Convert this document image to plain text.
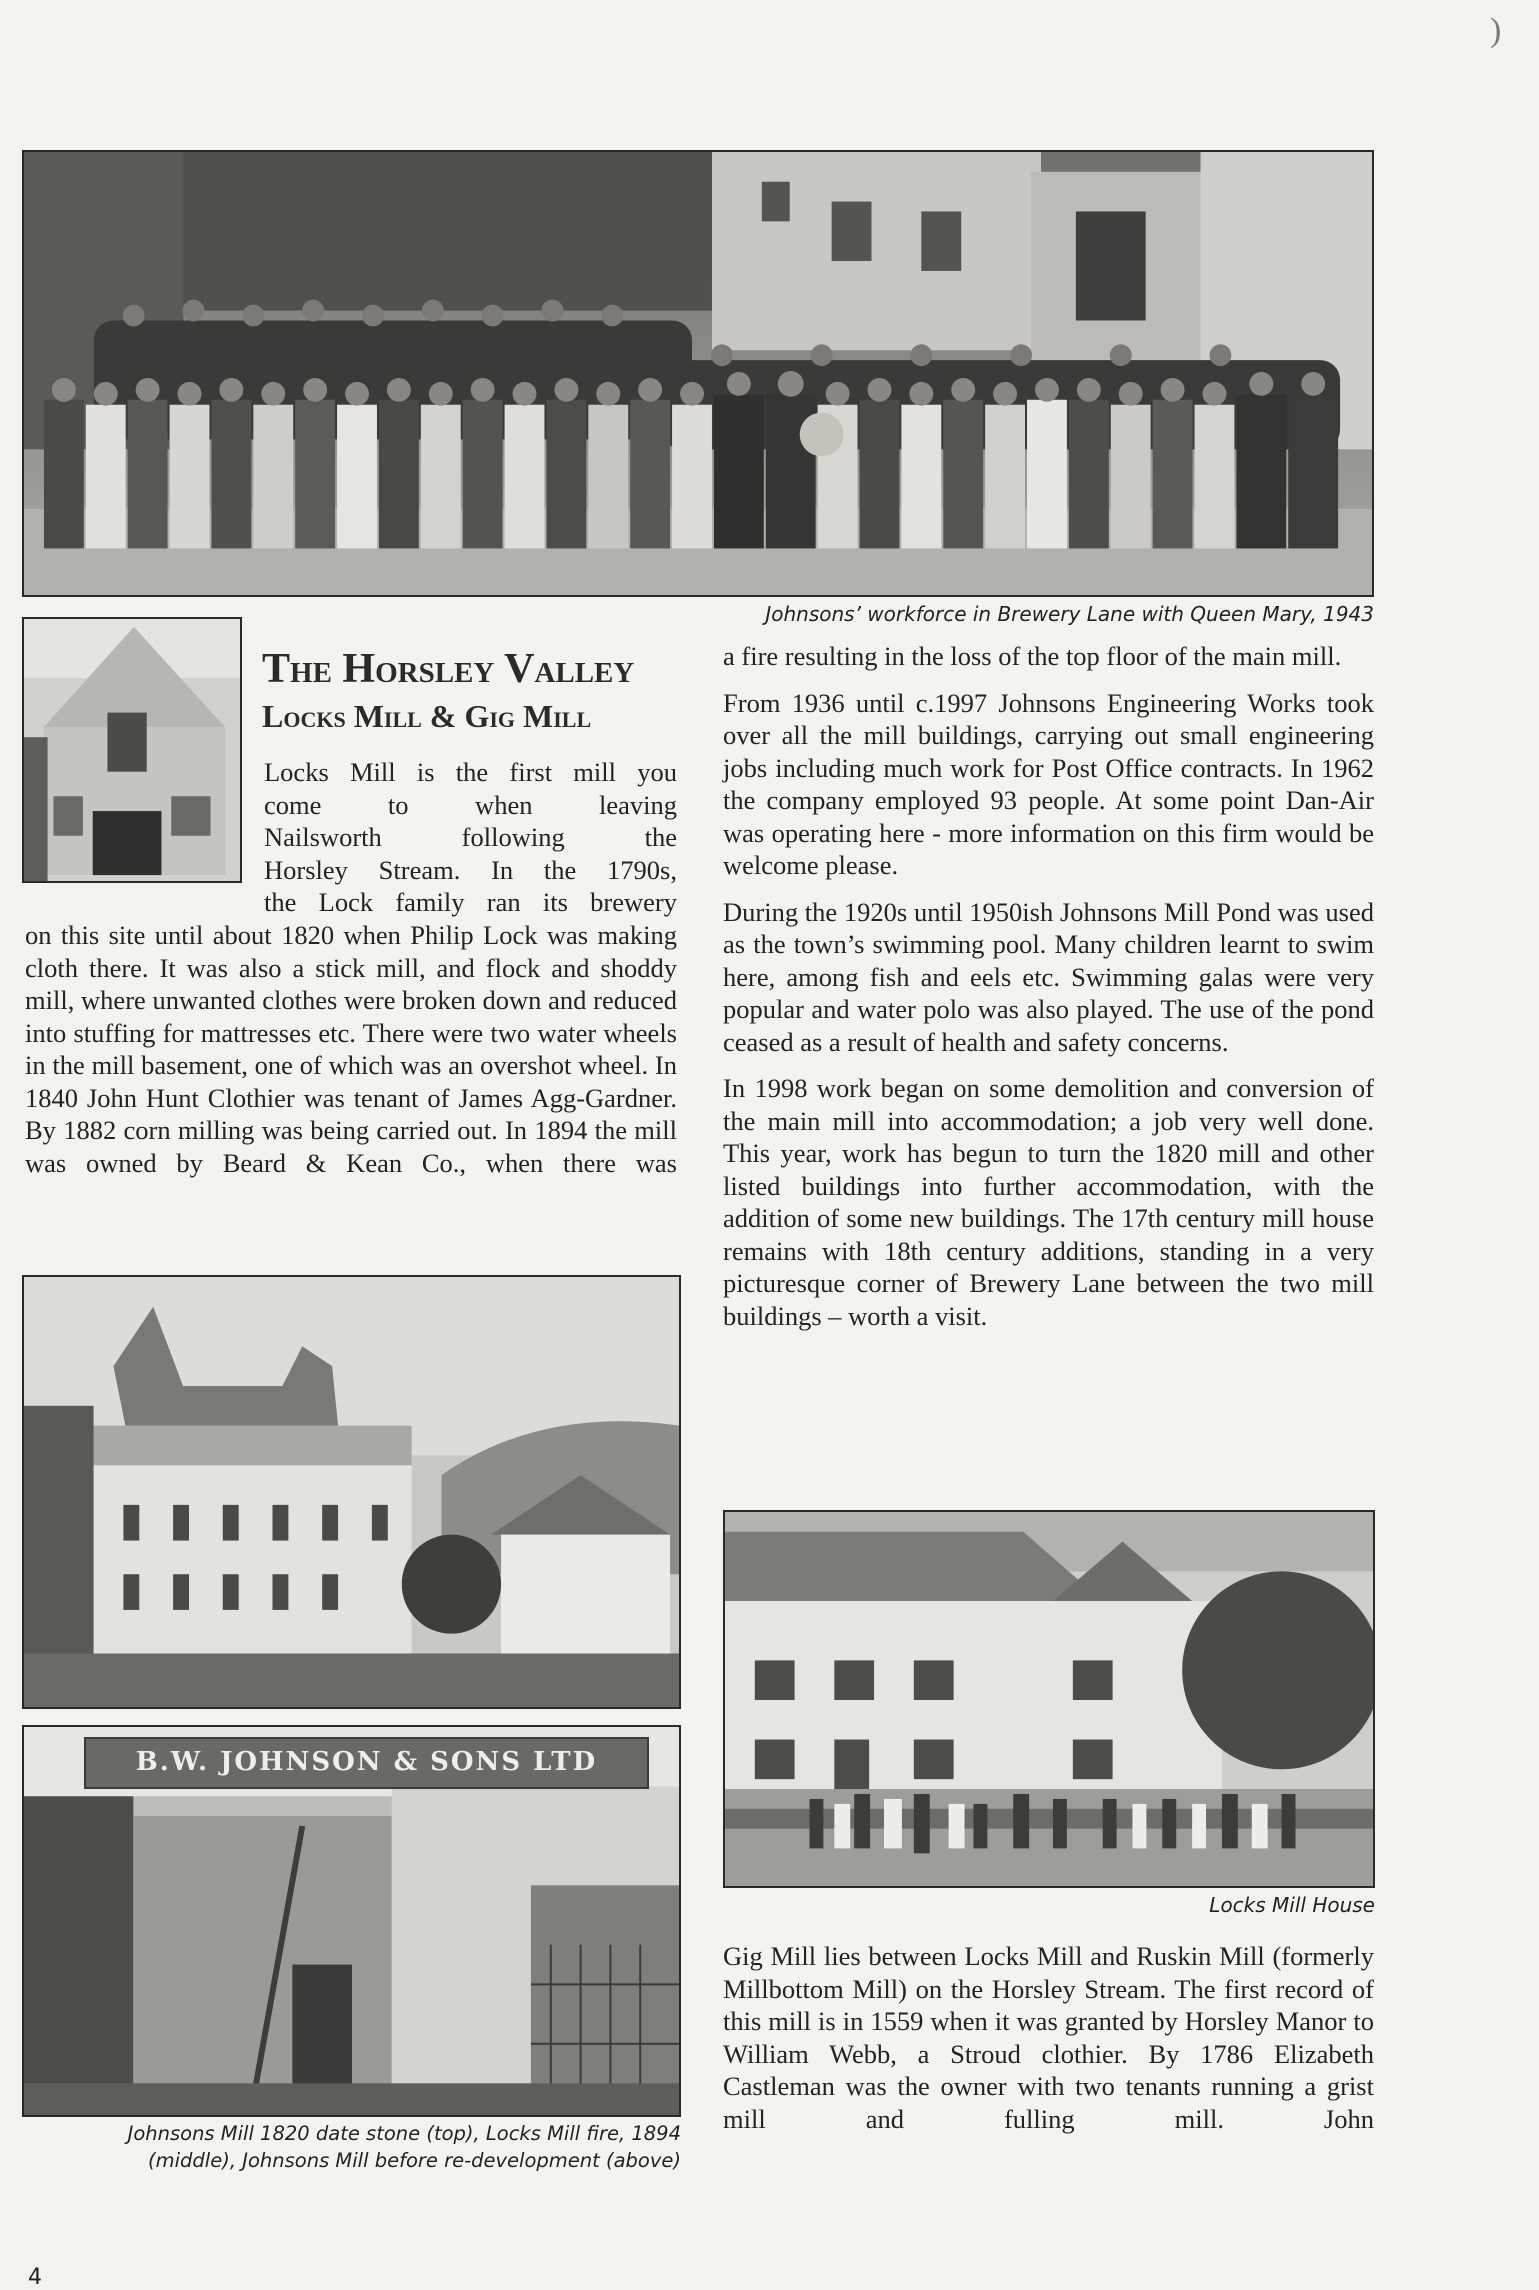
)
Johnsons’ workforce in Brewery Lane with Queen Mary, 1943
The Horsley Valley
Locks Mill & Gig Mill
Locks Mill is the first mill you
come to when leaving
Nailsworth following the
Horsley Stream. In the 1790s,
the Lock family ran its brewery
on this site until about 1820 when Philip Lock was making cloth there. It was also a stick mill, and flock and shoddy mill, where unwanted clothes were broken down and reduced into stuffing for mattresses etc. There were two water wheels in the mill basement, one of which was an overshot wheel. In 1840 John Hunt Clothier was tenant of James Agg-Gardner. By 1882 corn milling was being carried out. In 1894 the mill was owned by Beard & Kean Co., when there was
B.W. JOHNSON & SONS LTD
Johnsons Mill 1820 date stone (top), Locks Mill fire, 1894
(middle), Johnsons Mill before re-development (above)

a fire resulting in the loss of the top floor of the main mill.

From 1936 until c.1997 Johnsons Engineering Works took over all the mill buildings, carrying out small engineering jobs including much work for Post Office contracts. In 1962 the company employed 93 people. At some point Dan-Air was operating here - more information on this firm would be welcome please.

During the 1920s until 1950ish Johnsons Mill Pond was used as the town’s swimming pool. Many children learnt to swim here, among fish and eels etc. Swimming galas were very popular and water polo was also played. The use of the pond ceased as a result of health and safety concerns.

In 1998 work began on some demolition and conversion of the main mill into accommodation; a job very well done. This year, work has begun to turn the 1820 mill and other listed buildings into further accommodation, with the addition of some new buildings. The 17th century mill house remains with 18th century additions, standing in a very picturesque corner of Brewery Lane between the two mill buildings – worth a visit.

Locks Mill House
Gig Mill lies between Locks Mill and Ruskin Mill (formerly Millbottom Mill) on the Horsley Stream. The first record of this mill is in 1559 when it was granted by Horsley Manor to William Webb, a Stroud clothier. By 1786 Elizabeth Castleman was the owner with two tenants running a grist mill and fulling mill. John
4
